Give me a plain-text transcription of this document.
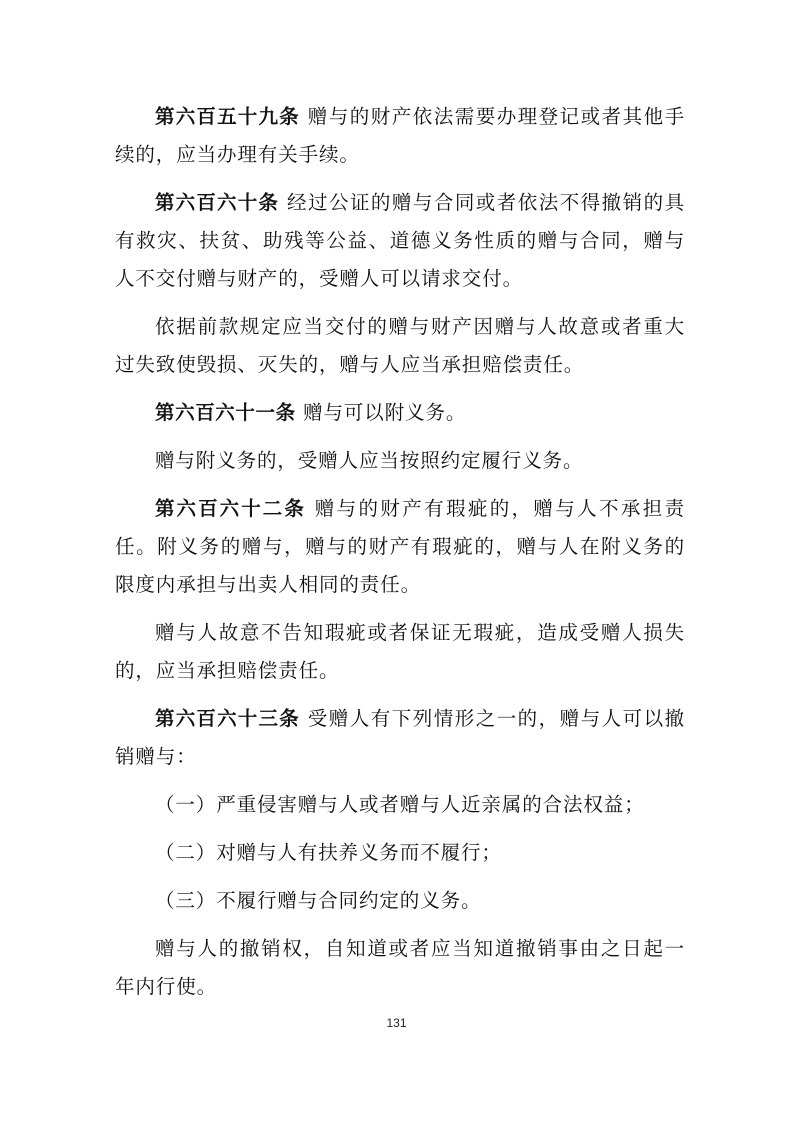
第六百五十九条 赠与的财产依法需要办理登记或者其他手续的，应当办理有关手续。

第六百六十条 经过公证的赠与合同或者依法不得撤销的具有救灾、扶贫、助残等公益、道德义务性质的赠与合同，赠与人不交付赠与财产的，受赠人可以请求交付。

依据前款规定应当交付的赠与财产因赠与人故意或者重大过失致使毁损、灭失的，赠与人应当承担赔偿责任。

第六百六十一条 赠与可以附义务。

赠与附义务的，受赠人应当按照约定履行义务。

第六百六十二条 赠与的财产有瑕疵的，赠与人不承担责任。附义务的赠与，赠与的财产有瑕疵的，赠与人在附义务的限度内承担与出卖人相同的责任。

赠与人故意不告知瑕疵或者保证无瑕疵，造成受赠人损失的，应当承担赔偿责任。

第六百六十三条 受赠人有下列情形之一的，赠与人可以撤销赠与：

（一）严重侵害赠与人或者赠与人近亲属的合法权益；

（二）对赠与人有扶养义务而不履行；

（三）不履行赠与合同约定的义务。

赠与人的撤销权，自知道或者应当知道撤销事由之日起一年内行使。

131
